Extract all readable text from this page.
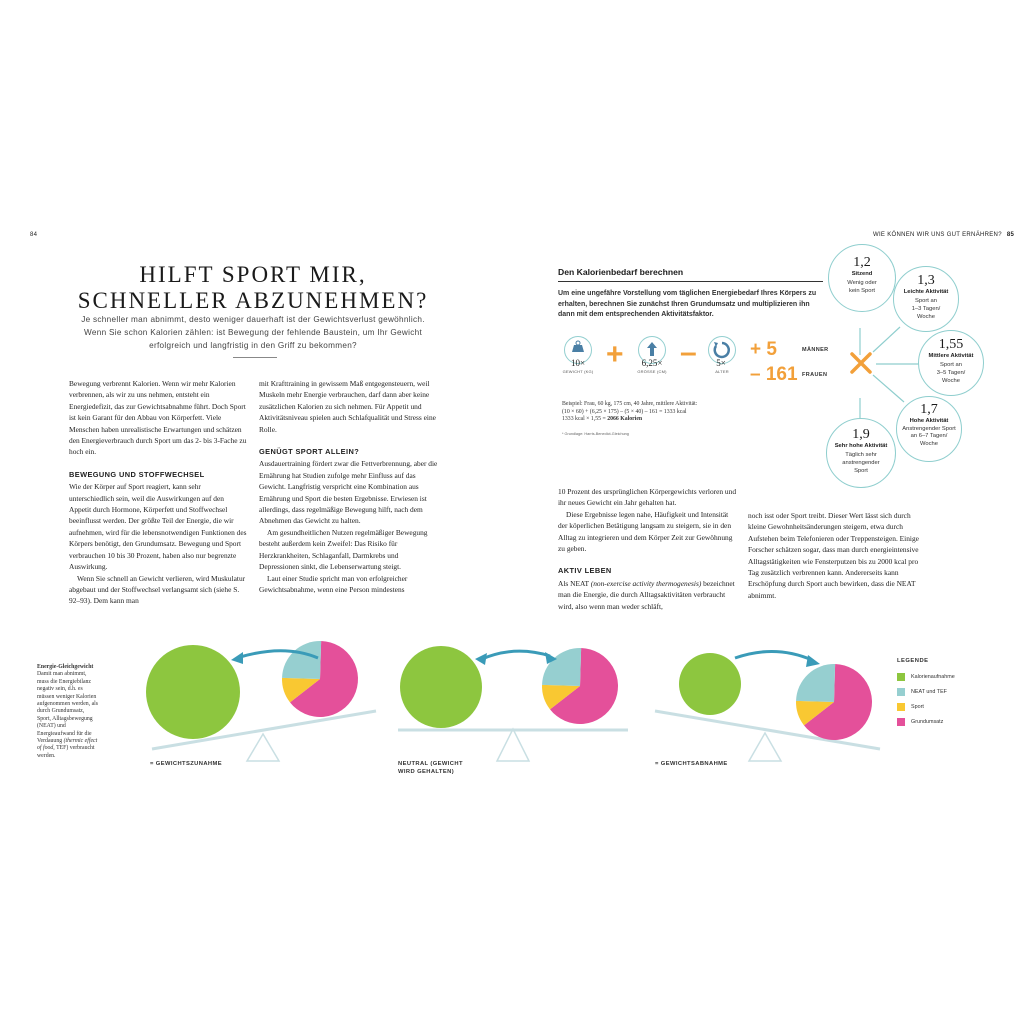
84
HILFT SPORT MIR,
SCHNELLER ABZUNEHMEN?
Je schneller man abnimmt, desto weniger dauerhaft ist der Gewichtsverlust gewöhnlich. Wenn Sie schon Kalorien zählen: ist Bewegung der fehlende Baustein, um Ihr Gewicht erfolgreich und langfristig in den Griff zu bekommen?

Bewegung verbrennt Kalorien. Wenn wir mehr Kalorien verbrennen, als wir zu uns nehmen, entsteht ein Energiedefizit, das zur Gewichtsabnahme führt. Doch Sport ist kein Garant für den Abbau von Körperfett. Viele Menschen haben unrealistische Erwartungen und schätzen den Energieverbrauch durch Sport um das 2- bis 3-Fache zu hoch ein.

BEWEGUNG UND STOFFWECHSEL

Wie der Körper auf Sport reagiert, kann sehr unterschiedlich sein, weil die Auswirkungen auf den Appetit durch Hormone, Körperfett und Stoffwechsel beeinflusst werden. Der größte Teil der Energie, die wir aufnehmen, wird für die lebensnotwendigen Funktionen des Körpers benötigt, den Grundumsatz. Bewegung und Sport verbrauchen 10 bis 30 Prozent, haben also nur begrenzte Auswirkung.

Wenn Sie schnell an Gewicht verlieren, wird Muskulatur abgebaut und der Stoffwechsel verlangsamt sich (siehe S. 92–93). Dem kann man

mit Krafttraining in gewissem Maß entgegensteuern, weil Muskeln mehr Energie verbrauchen, darf dann aber keine zusätzlichen Kalorien zu sich nehmen. Für Appetit und Aktivitätsniveau spielen auch Schlafqualität und Stress eine Rolle.

GENÜGT SPORT ALLEIN?

Ausdauertraining fördert zwar die Fettverbrennung, aber die Ernährung hat Studien zufolge mehr Einfluss auf das Gewicht. Langfristig verspricht eine Kombination aus Ernährung und Sport die besten Ergebnisse. Erwiesen ist allerdings, dass regelmäßige Bewegung hilft, nach dem Abnehmen das Gewicht zu halten.

Am gesundheitlichen Nutzen regelmäßiger Bewegung besteht außerdem kein Zweifel: Das Risiko für Herzkrankheiten, Schlaganfall, Darmkrebs und Depressionen sinkt, die Lebenserwartung steigt.

Laut einer Studie spricht man von erfolgreicher Gewichtsabnahme, wenn eine Person mindestens

WIE KÖNNEN WIR UNS GUT ERNÄHREN? 85
Den Kalorienbedarf berechnen
Um eine ungefähre Vorstellung vom täglichen Energiebedarf Ihres Körpers zu erhalten, berechnen Sie zunächst Ihren Grundumsatz und multiplizieren ihn dann mit dem entsprechenden Aktivitätsfaktor.
10×
GEWICHT (KG)
+	6,25×
GRÖSSE (CM)
–	5×
ALTER
+ 5
– 161
MÄNNER
FRAUEN
Beispiel: Frau, 60 kg, 175 cm, 40 Jahre, mittlere Aktivität:
(10 × 60) + (6,25 × 175) – (5 × 40) – 161 = 1333 kcal
1333 kcal × 1,55 = 2066 Kalorien
* Grundlage: Harris-Benedict-Gleichung
1,2
Sitzend
Wenig oder
kein Sport
1,3
Leichte Aktivität
Sport an
1–3 Tagen/
Woche
1,55
Mittlere Aktivität
Sport an
3–5 Tagen/
Woche
1,7
Hohe Aktivität
Anstrengender Sport
an 6–7 Tagen/
Woche
1,9
Sehr hohe Aktivität
Täglich sehr
anstrengender
Sport

10 Prozent des ursprünglichen Körpergewichts verloren und ihr neues Gewicht ein Jahr gehalten hat.

Diese Ergebnisse legen nahe, Häufigkeit und Intensität der köperlichen Betätigung langsam zu steigern, sie in den Alltag zu integrieren und dem Körper Zeit zur Gewöhnung zu geben.

AKTIV LEBEN

Als NEAT (non-exercise activity thermogenesis) bezeichnet man die Energie, die durch Alltagsaktivitäten verbraucht wird, also wenn man weder schläft,

noch isst oder Sport treibt. Dieser Wert lässt sich durch kleine Gewohnheitsänderungen steigern, etwa durch Aufstehen beim Telefonieren oder Treppensteigen. Einige Forscher schätzen sogar, dass man durch energieintensive Alltagstätigkeiten wie Fensterputzen bis zu 2000 kcal pro Tag zusätzlich verbrennen kann. Andererseits kann Erschöpfung durch Sport auch bewirken, dass die NEAT abnimmt.

Energie-Gleichgewicht
Damit man abnimmt, muss die Energiebilanz negativ sein, d.h. es müssen weniger Kalorien aufgenommen werden, als durch Grundumsatz, Sport, Alltagsbewegung (NEAT) und Energieaufwand für die Verdauung (thermic effect of food, TEF) verbraucht werden.
= GEWICHTSZUNAHME	NEUTRAL (GEWICHT WIRD GEHALTEN)
= GEWICHTSABNAHME
LEGENDE
Kalorienaufnahme
NEAT und TEF
Sport
Grundumsatz
